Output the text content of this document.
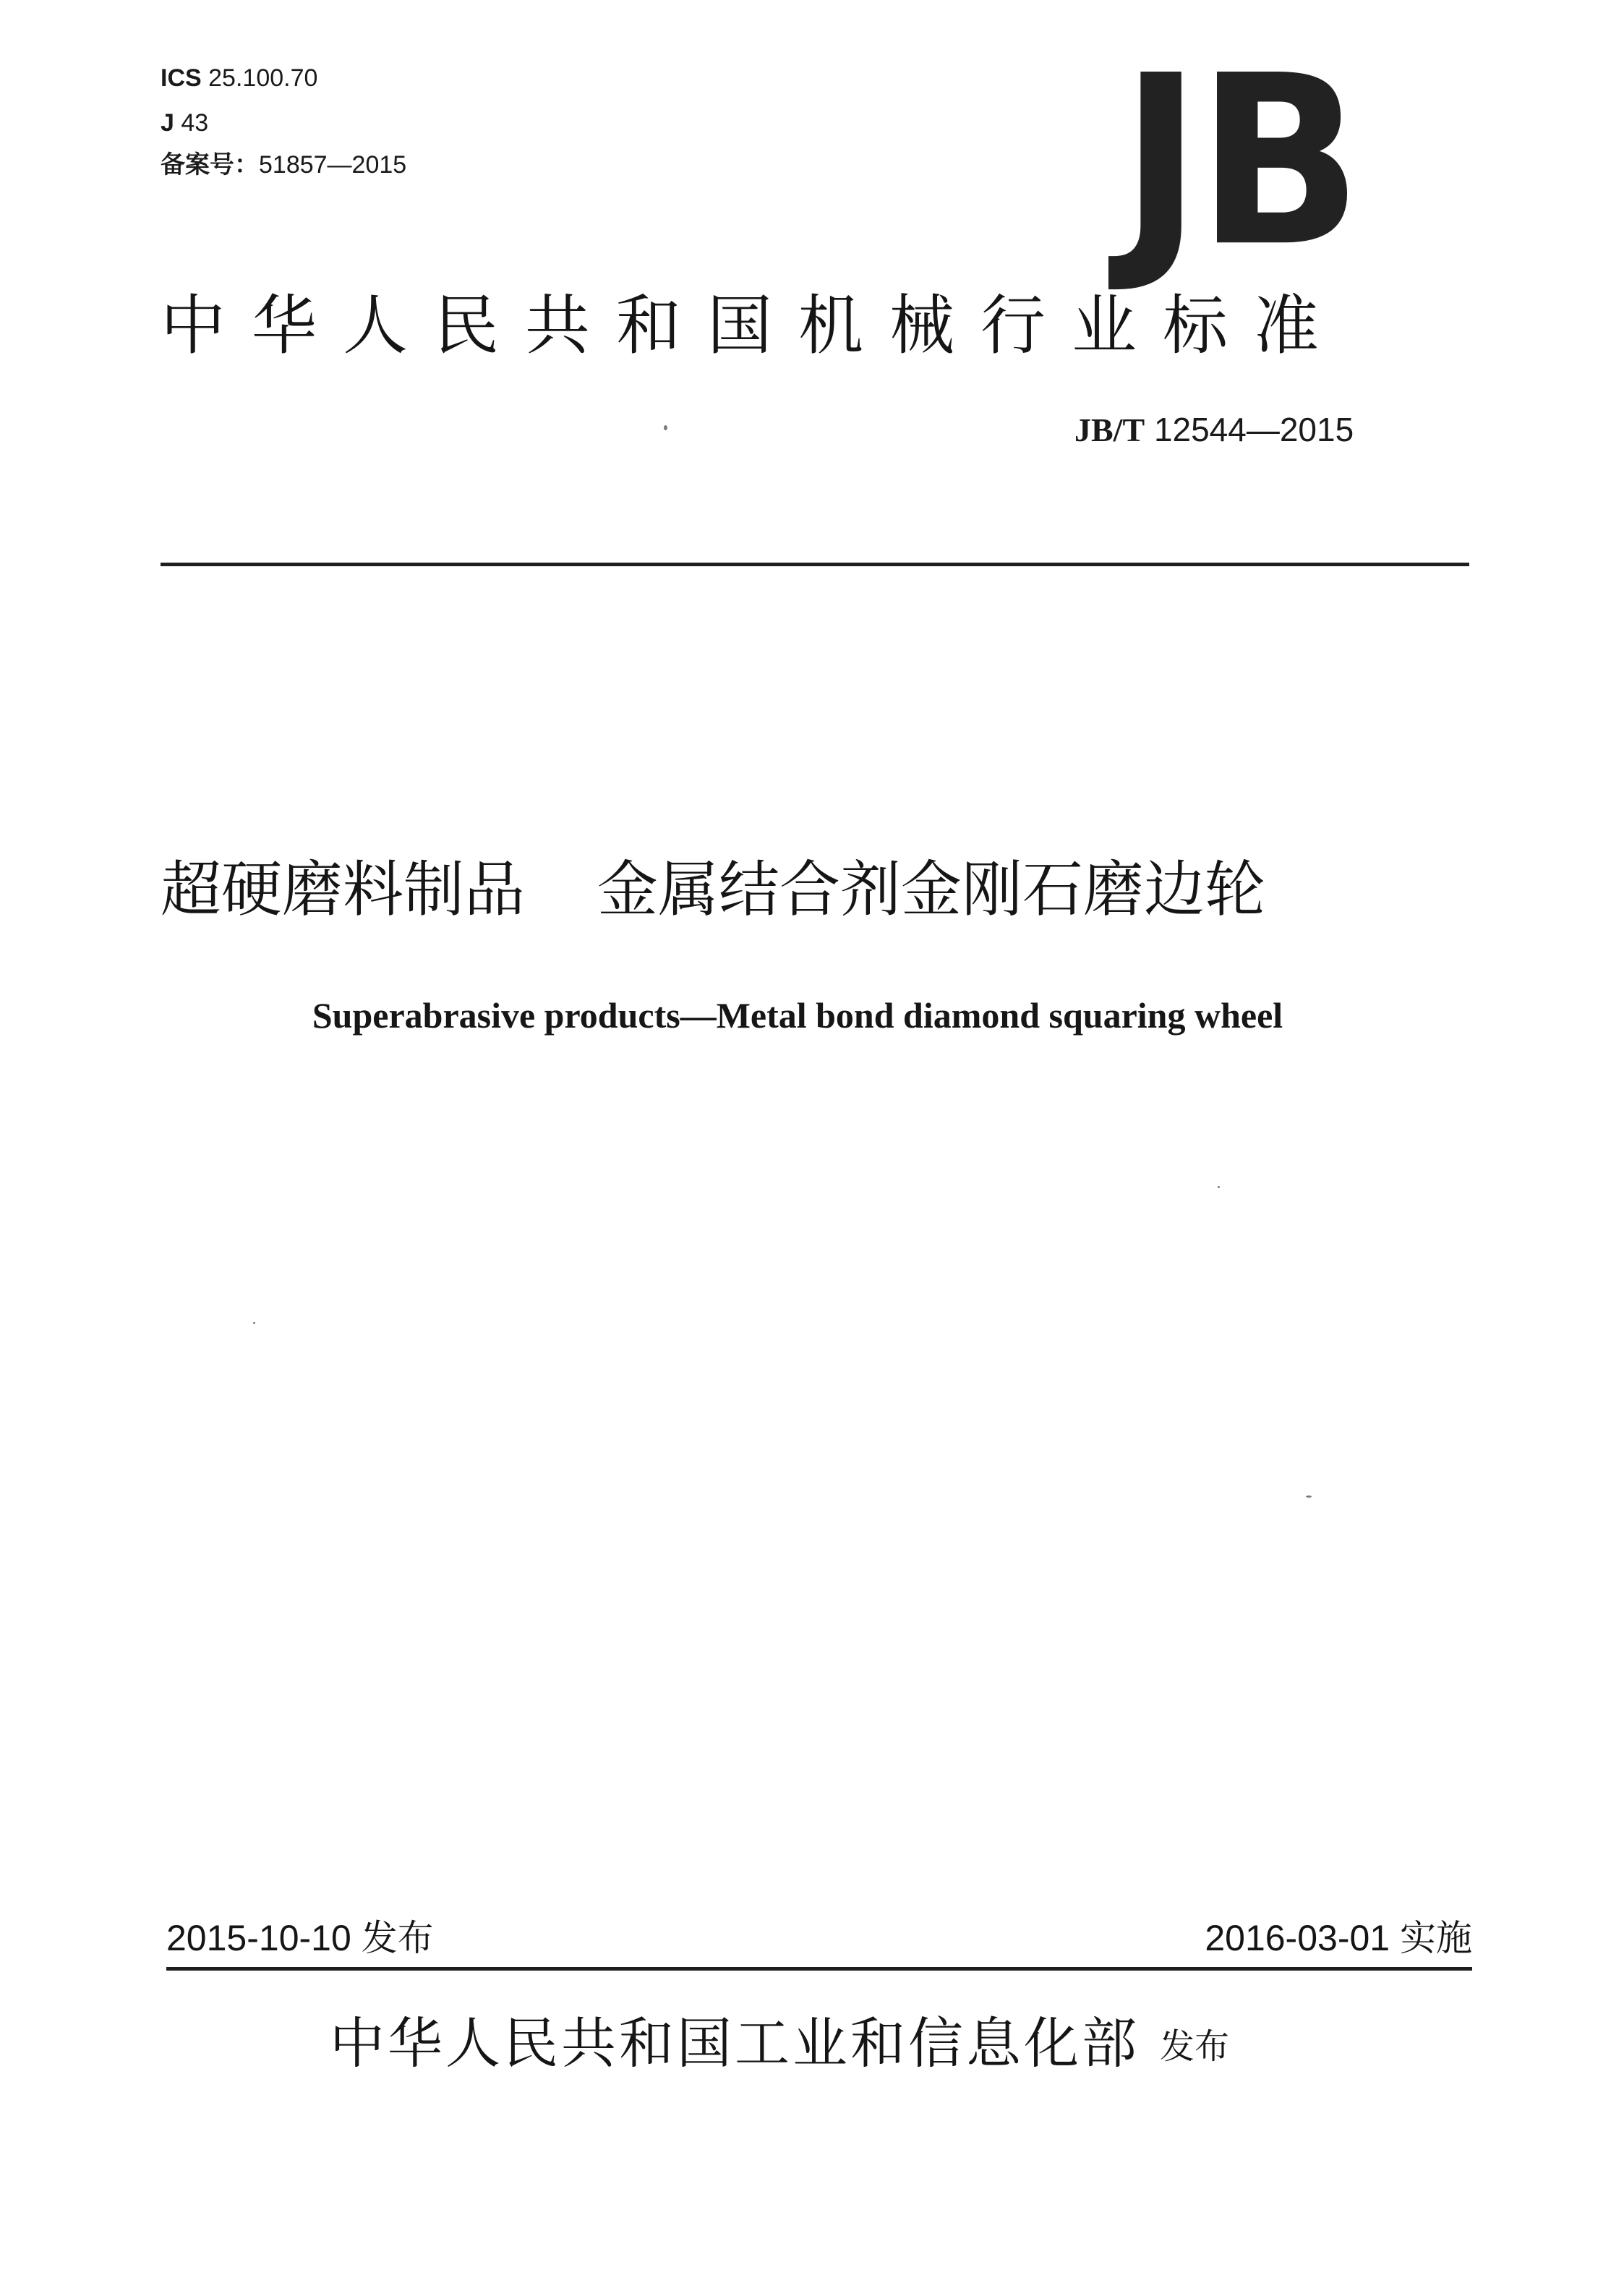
ICS 25.100.70
J 43
备案号：51857—2015	JB
中华人民共和国机械行业标准
JB/T 12544—2015
超硬磨料制品 金属结合剂金刚石磨边轮
Superabrasive products—Metal bond diamond squaring wheel
2015-10-10 发布	2016-03-01 实施
中华人民共和国工业和信息化部 发布
